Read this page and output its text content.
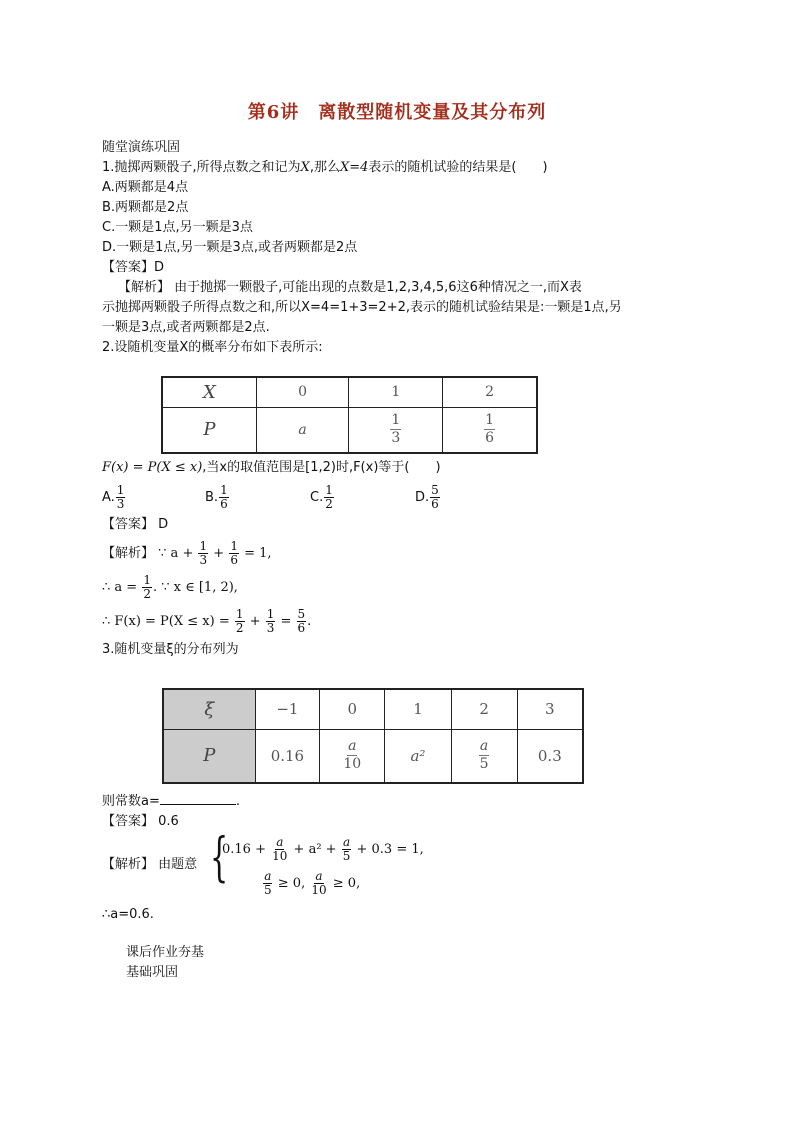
第6讲　离散型随机变量及其分布列
随堂演练巩固
1.抛掷两颗骰子,所得点数之和记为X,那么X=4表示的随机试验的结果是(　　)
A.两颗都是4点
B.两颗都是2点
C.一颗是1点,另一颗是3点
D.一颗是1点,另一颗是3点,或者两颗都是2点
【答案】D
【解析】 由于抛掷一颗骰子,可能出现的点数是1,2,3,4,5,6这6种情况之一,而X表
示抛掷两颗骰子所得点数之和,所以X=4=1+3=2+2,表示的随机试验结果是:一颗是1点,另
一颗是3点,或者两颗都是2点.
2.设随机变量X的概率分布如下表所示:
X	0	1	2
P	a	$\frac{1}{3}$	$\frac{1}{6}$
F(x) = P(X ≤ x),当x的取值范围是[1,2)时,F(x)等于(　　)
A. $\frac{1}{3}$	B. $\frac{1}{6}$	C. $\frac{1}{2}$	D. $\frac{5}{6}$
【答案】 D
【解析】 ∵ $a + \frac{1}{3} + \frac{1}{6} = 1$,
∴ $a = \frac{1}{2}$ . ∵ x ∈ [1, 2),
∴ $F(x) = P(X \le x) = \frac{1}{2} + \frac{1}{3} = \frac{5}{6}$ .
3.随机变量ξ的分布列为
ξ	−1	0	1	2	3
P	0.16	$\frac{a}{10}$	a²	$\frac{a}{5}$	0.3
则常数a=	.
【答案】 0.6
【解析】 由题意 {
$0.16 + \frac{a}{10} + a^2 + \frac{a}{5} + 0.3 = 1$,
$\frac{a}{5} \ge 0$, $\frac{a}{10} \ge 0$,
∴a=0.6.
课后作业夯基
基础巩固
